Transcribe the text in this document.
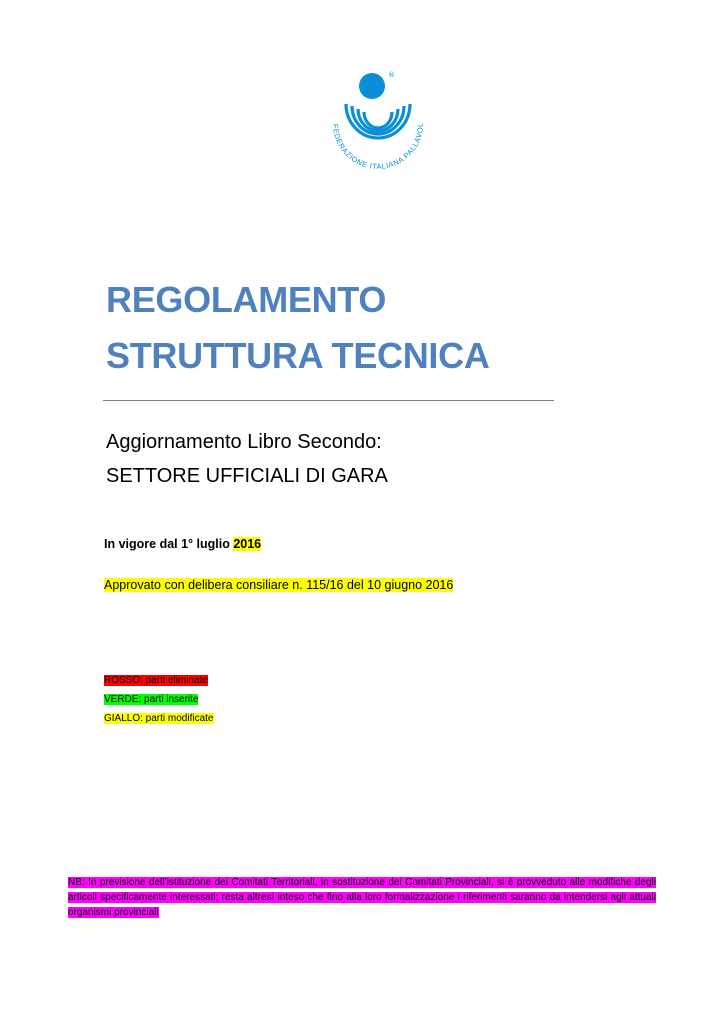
®
FEDERAZIONE ITALIANA PALLAVOL
REGOLAMENTO
STRUTTURA TECNICA
Aggiornamento Libro Secondo:
SETTORE UFFICIALI DI GARA
In vigore dal 1° luglio 2016
Approvato con delibera consiliare n. 115/16 del 10 giugno 2016
ROSSO: parti eliminate
VERDE: parti inserite
GIALLO: parti modificate
NB: In previsione dell’istituzione dei Comitati Territoriali, in sostituzione dei Comitati Provinciali, si è provveduto alle modifiche degli articoli specificamente interessati; resta altresì inteso che fino alla loro formalizzazione i riferimenti saranno da intendersi agli attuali organismi provinciali
